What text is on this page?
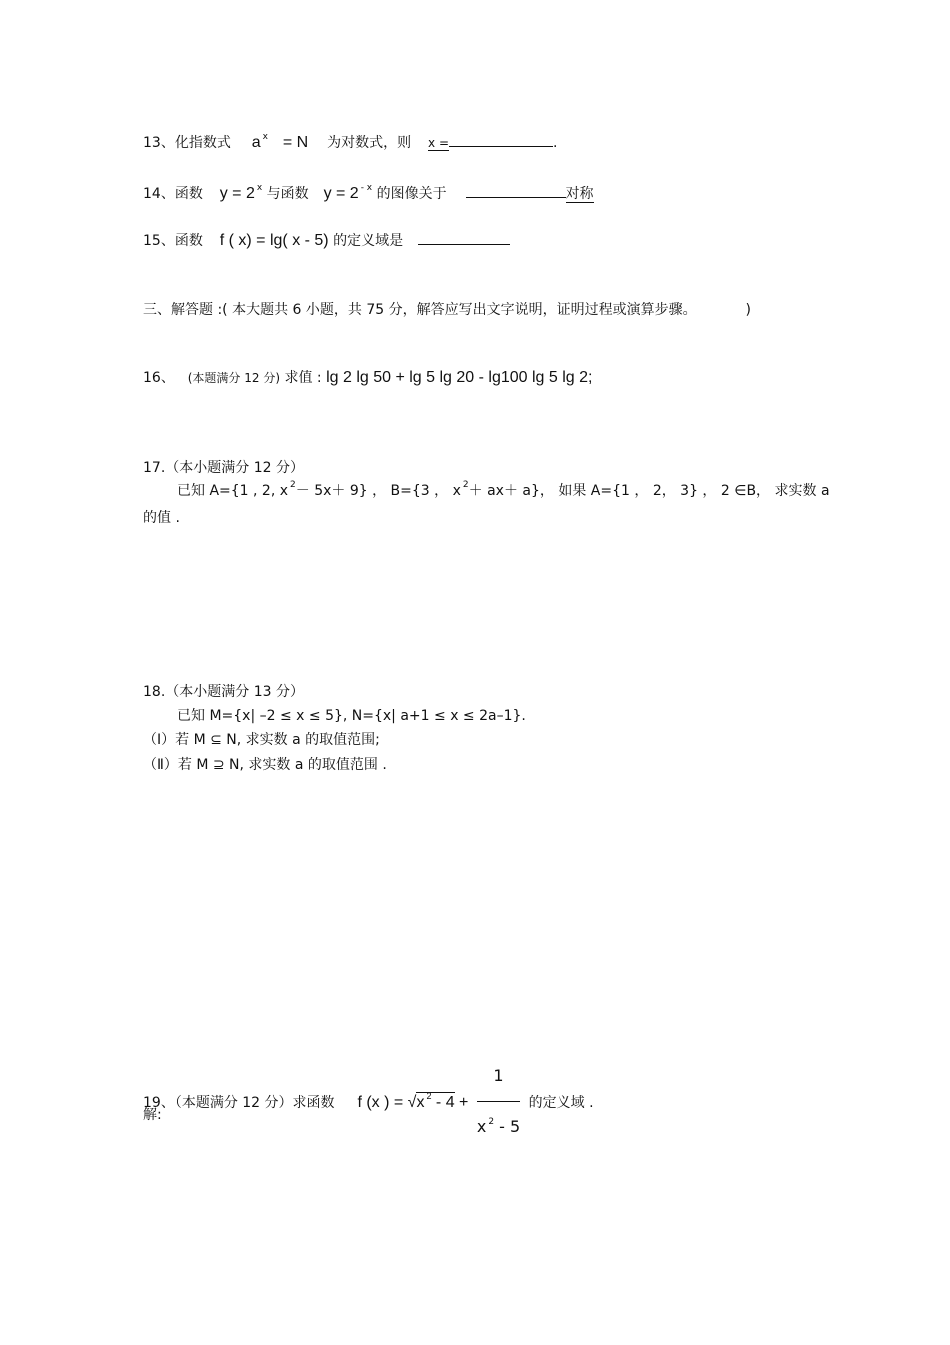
13、化指数式 a $^x$ = N 为对数式，则 x =	.
14、函数 y = 2 $^x$ 与函数 y = 2 $^{- x}$ 的图像关于	对称
15、函数 f ( x) = lg( x - 5) 的定义域是
三、解答题 :( 本大题共 6 小题，共 75 分，解答应写出文字说明，证明过程或演算步骤。	)
16、 (本题满分 12 分) 求值 : lg 2 lg 50 + lg 5 lg 20 - lg100 lg 5 lg 2;
17.（本小题满分 12 分）
已知 A={1 , 2, x $^2$－ 5x＋ 9} ， B={3 ， x $^2$＋ ax＋ a}， 如果 A={1 ， 2， 3} ， 2 ∈B， 求实数 a
的值 .
18.（本小题满分 13 分）
已知 M={x| –2 ≤ x ≤ 5}, N={x| a+1 ≤ x ≤ 2a–1}.
（Ⅰ）若 M ⊆ N, 求实数 a 的取值范围;
（Ⅱ）若 M ⊇ N, 求实数 a 的取值范围 .
19、（本题满分 12 分）求函数 f (x ) = √x $^2 - 4 + \frac{1}{x ^2 - 5}$ 的定义域 .
解:
